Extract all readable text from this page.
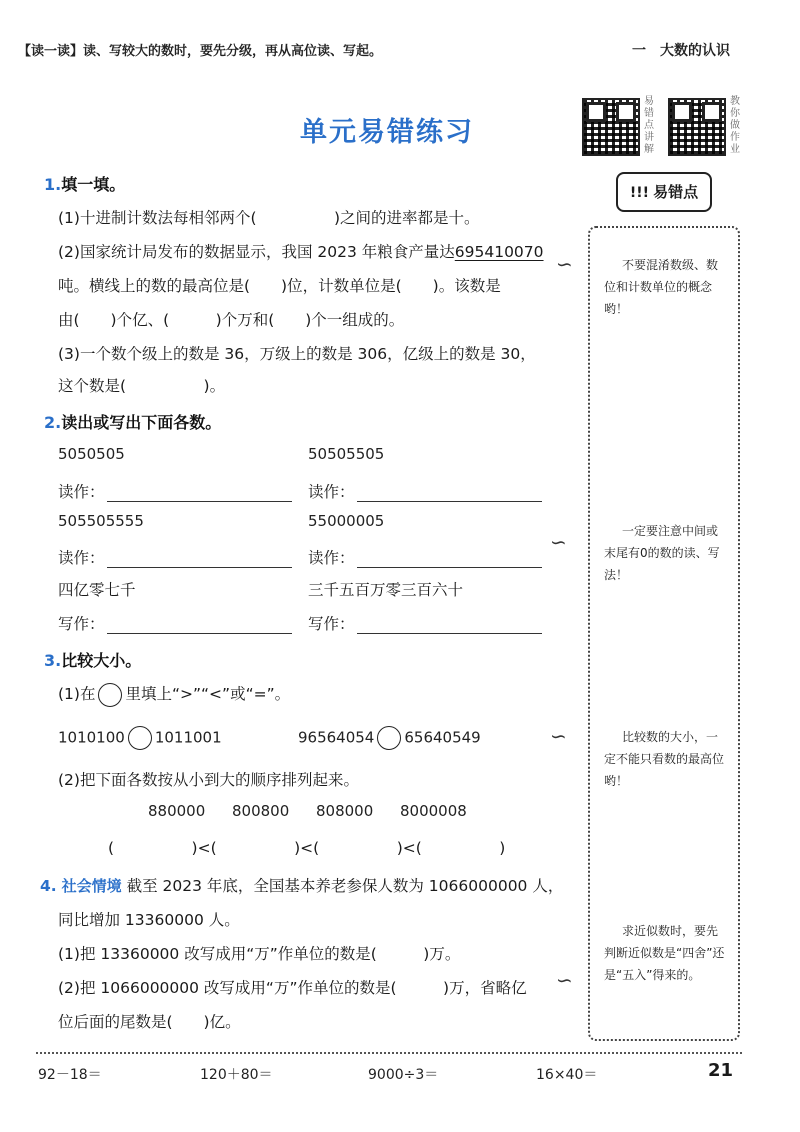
【读一读】读、写较大的数时，要先分级，再从高位读、写起。	一　大数的认识
单元易错练习
易错点讲解
教你做作业
1.填一填。
(1)十进制计数法每相邻两个(　　　　　)之间的进率都是十。
(2)国家统计局发布的数据显示，我国 2023 年粮食产量达695410070
吨。横线上的数的最高位是(　　)位，计数单位是(　　)。该数是
由(　　)个亿、(　　　)个万和(　　)个一组成的。
(3)一个数个级上的数是 36，万级上的数是 306，亿级上的数是 30，
这个数是(　　　　　)。
2.读出或写出下面各数。
5050505	50505505
读作：	读作：
505505555	55000005
读作：	读作：
四亿零七千	三千五百万零三百六十
写作：	写作：
3.比较大小。
(1)在 里填上“>”“<”或“=”。
1010100 1011001	96564054 65640549
(2)把下面各数按从小到大的顺序排列起来。
880000 800800 808000 8000008
(　　　　　)<(　　　　　)<(　　　　　)<(　　　　　)
4. 社会情境 截至 2023 年底，全国基本养老参保人数为 1066000000 人，
同比增加 13360000 人。
(1)把 13360000 改写成用“万”作单位的数是(　　　)万。
(2)把 1066000000 改写成用“万”作单位的数是(　　　)万，省略亿
位后面的尾数是(　　)亿。
!!! 易错点
∽	不要混淆数级、数位和计数单位的概念哟！
∽	一定要注意中间或末尾有0的数的读、写法！
∽	比较数的大小，一定不能只看数的最高位哟！
∽
求近似数时，要先判断近似数是“四舍”还是“五入”得来的。
92－18＝	120＋80＝	9000÷3＝	16×40＝	21
